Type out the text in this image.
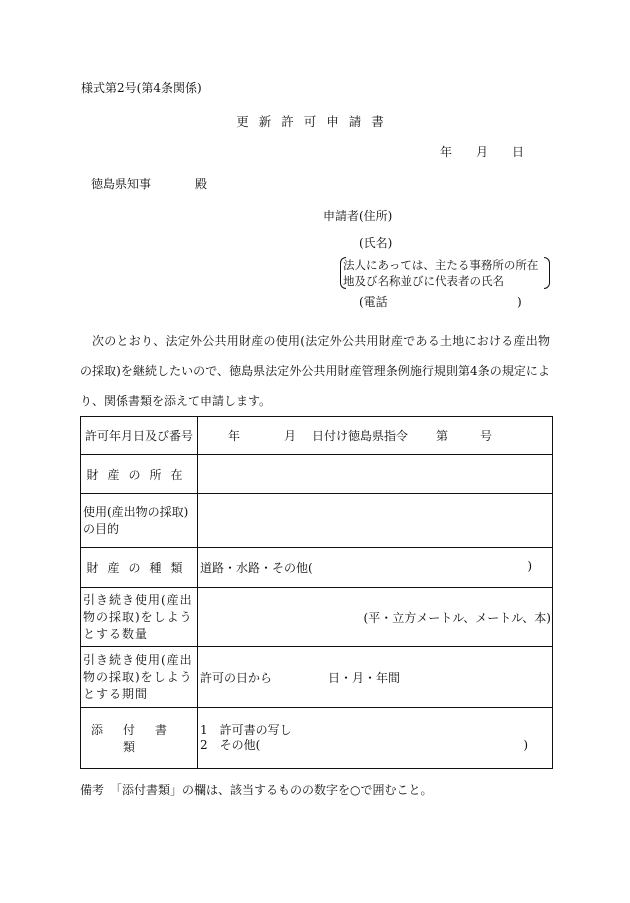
様式第2号(第4条関係)
更新許可申請書
年 月 日
徳島県知事	殿
申請者(住所)
(氏名)
法人にあっては、主たる事務所の所在地及び名称並びに代表者の氏名
(電話	)
次のとおり、法定外公共用財産の使用(法定外公共用財産である土地における産出物の採取)を継続したいので、徳島県法定外公共用財産管理条例施行規則第4条の規定により、関係書類を添えて申請します。
許可年月日及び番号	年 月 日付け徳島県指令 第 号
財産の所在	
使用(産出物の採取)の目的	
財産の種類	道路・水路・その他( )

引き続き使用(産出物の採取)をしようとする数量	(平・立方メートル、メートル、本)
引き続き使用(産出物の採取)をしようとする期間	許可の日から 日・月・年間
添付書類	1　許可書の写し
2　その他( )
備考　「添付書類」の欄は、該当するものの数字を○で囲むこと。
